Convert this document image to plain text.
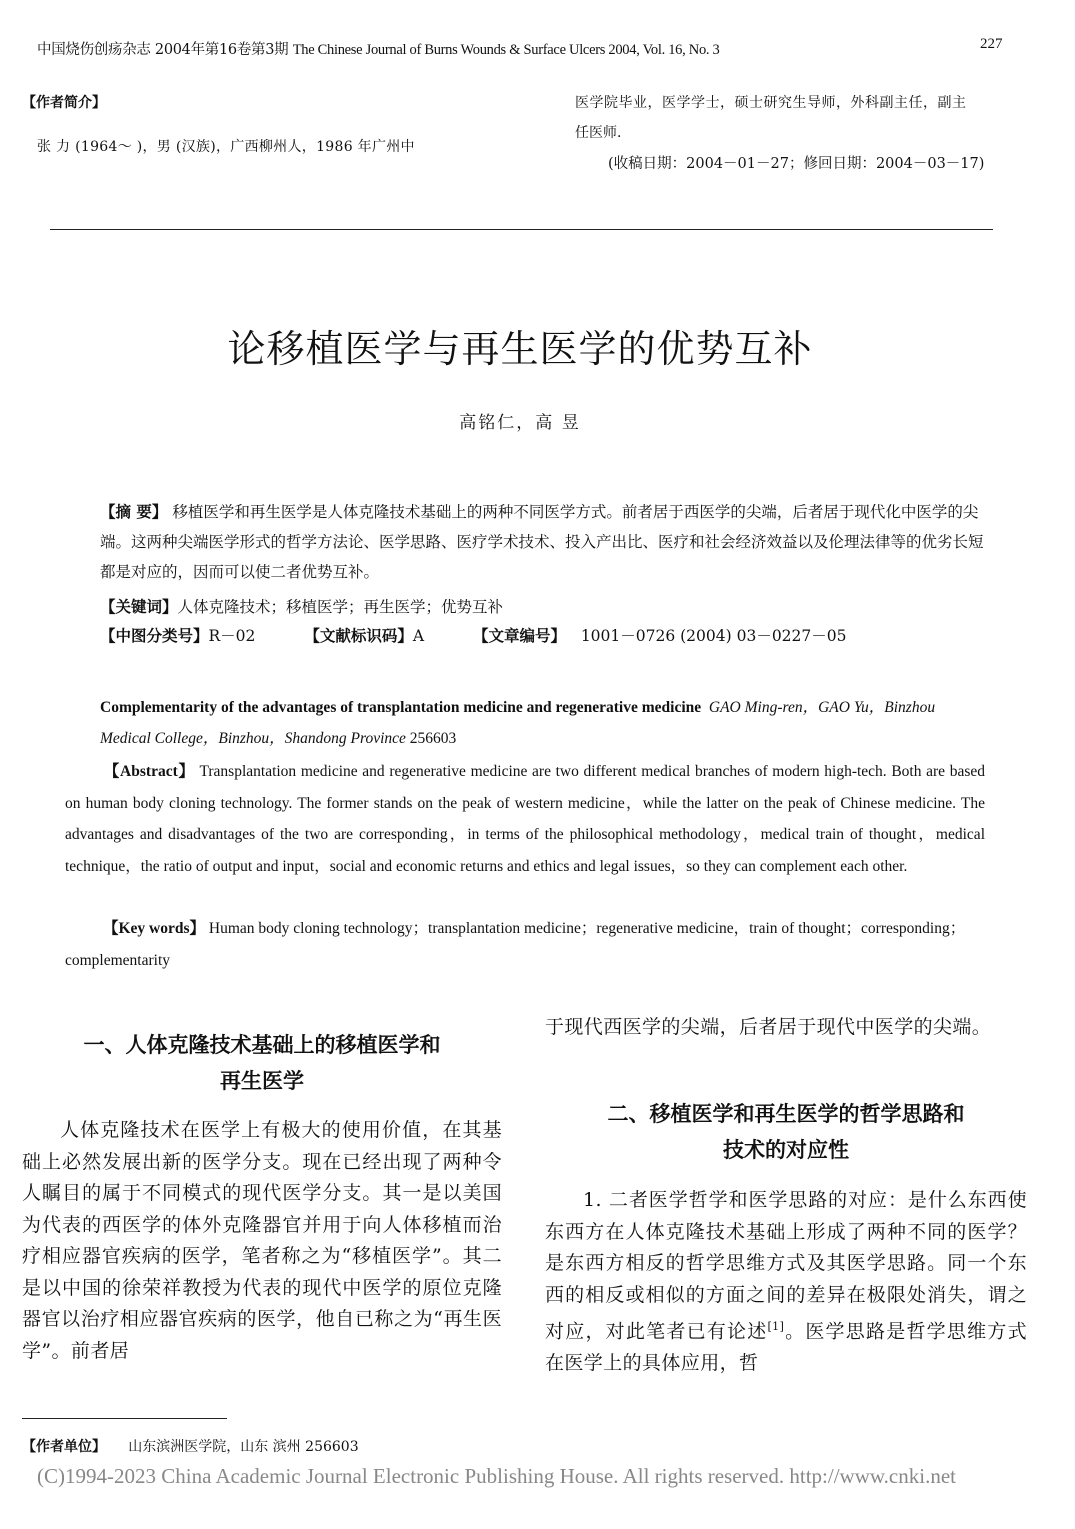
中国烧伤创疡杂志 2004年第16卷第3期 The Chinese Journal of Burns Wounds & Surface Ulcers 2004, Vol. 16, No. 3	227
【作者简介】
张 力 (1964～ )，男 (汉族)，广西柳州人，1986 年广州中
医学院毕业，医学学士，硕士研究生导师，外科副主任，副主
任医师．
(收稿日期：2004－01－27；修回日期：2004－03－17)
论移植医学与再生医学的优势互补
高铭仁，高 昱
【摘 要】 移植医学和再生医学是人体克隆技术基础上的两种不同医学方式。前者居于西医学的尖端，后者居于现代化中医学的尖端。这两种尖端医学形式的哲学方法论、医学思路、医疗学术技术、投入产出比、医疗和社会经济效益以及伦理法律等的优劣长短都是对应的，因而可以使二者优势互补。
【关键词】人体克隆技术；移植医学；再生医学；优势互补
【中图分类号】R－02	【文献标识码】A	【文章编号】 1001－0726 (2004) 03－0227－05
Complementarity of the advantages of transplantation medicine and regenerative medicine GAO Ming-ren，GAO Yu，Binzhou Medical College，Binzhou，Shandong Province 256603
【Abstract】 Transplantation medicine and regenerative medicine are two different medical branches of modern high-tech. Both are based on human body cloning technology. The former stands on the peak of western medicine，while the latter on the peak of Chinese medicine. The advantages and disadvantages of the two are corresponding，in terms of the philosophical methodology，medical train of thought，medical technique，the ratio of output and input，social and economic returns and ethics and legal issues，so they can complement each other.
【Key words】 Human body cloning technology；transplantation medicine；regenerative medicine，train of thought；corresponding；complementarity
一、人体克隆技术基础上的移植医学和
再生医学
人体克隆技术在医学上有极大的使用价值，在其基础上必然发展出新的医学分支。现在已经出现了两种令人瞩目的属于不同模式的现代医学分支。其一是以美国为代表的西医学的体外克隆器官并用于向人体移植而治疗相应器官疾病的医学，笔者称之为“移植医学”。其二是以中国的徐荣祥教授为代表的现代中医学的原位克隆器官以治疗相应器官疾病的医学，他自已称之为“再生医学”。前者居
于现代西医学的尖端，后者居于现代中医学的尖端。
二、移植医学和再生医学的哲学思路和
技术的对应性
1. 二者医学哲学和医学思路的对应：是什么东西使东西方在人体克隆技术基础上形成了两种不同的医学？是东西方相反的哲学思维方式及其医学思路。同一个东西的相反或相似的方面之间的差异在极限处消失，谓之对应，对此笔者已有论述[1]。医学思路是哲学思维方式在医学上的具体应用，哲
【作者单位】 山东滨洲医学院，山东 滨州 256603
(C)1994-2023 China Academic Journal Electronic Publishing House. All rights reserved. http://www.cnki.net
